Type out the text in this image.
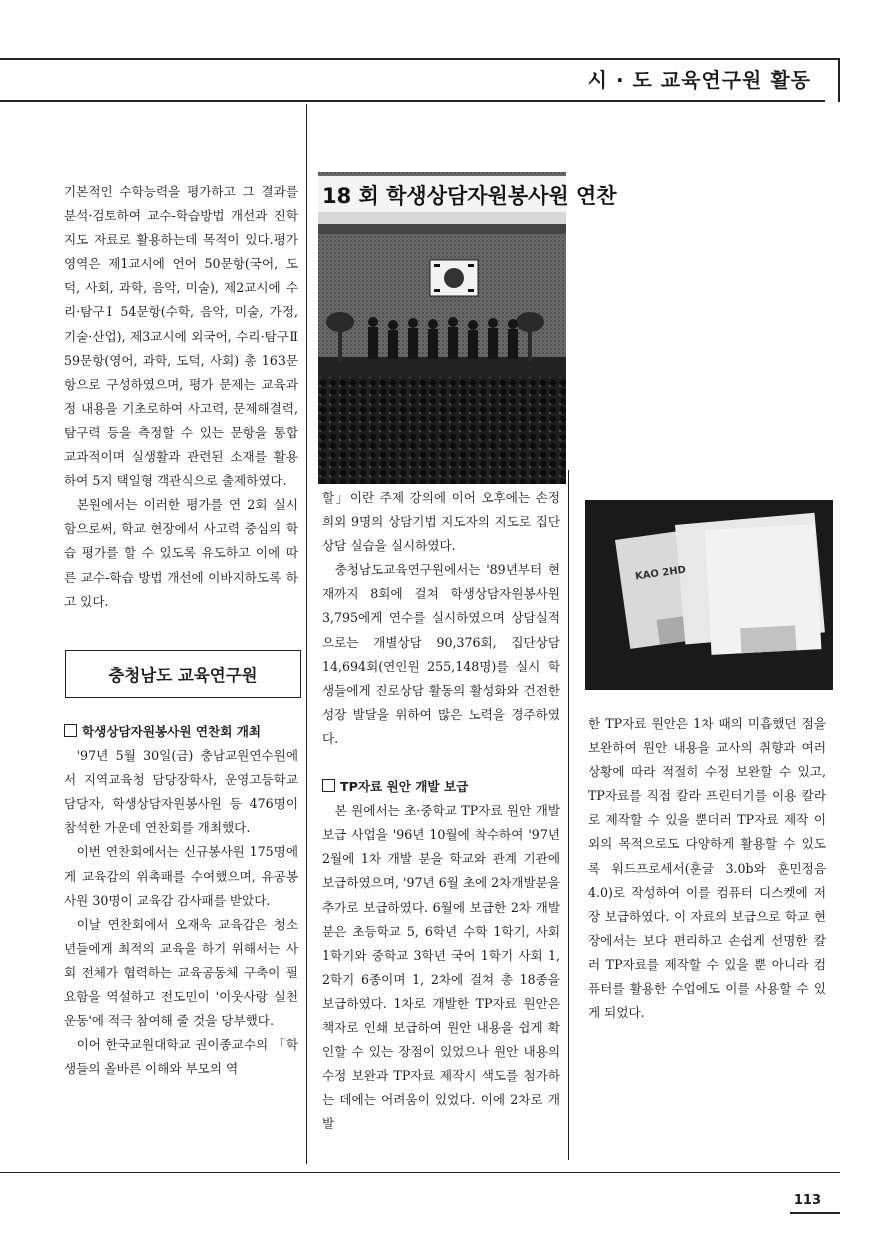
시 · 도 교육연구원 활동

기본적인 수학능력을 평가하고 그 결과를 분석·검토하여 교수-학습방법 개선과 진학 지도 자료로 활용하는데 목적이 있다.평가 영역은 제1교시에 언어 50문항(국어, 도덕, 사회, 과학, 음악, 미술), 제2교시에 수리·탐구Ⅰ 54문항(수학, 음악, 미술, 가정, 기술·산업), 제3교시에 외국어, 수리·탐구Ⅱ 59문항(영어, 과학, 도덕, 사회) 총 163문항으로 구성하였으며, 평가 문제는 교육과정 내용을 기초로하여 사고력, 문제해결력, 탐구력 등을 측정할 수 있는 문항을 통합 교과적이며 실생활과 관련된 소재를 활용하여 5지 택일형 객관식으로 출제하였다.

본원에서는 이러한 평가를 연 2회 실시함으로써, 학교 현장에서 사고력 중심의 학습 평가를 할 수 있도록 유도하고 이에 따른 교수-학습 방법 개선에 이바지하도록 하고 있다.

충청남도 교육연구원
학생상담자원봉사원 연찬회 개최

'97년 5월 30일(금) 충남교원연수원에서 지역교육청 담당장학사, 운영고등학교 담당자, 학생상담자원봉사원 등 476명이 참석한 가운데 연찬회를 개최했다.

이번 연찬회에서는 신규봉사원 175명에게 교육감의 위촉패를 수여했으며, 유공봉사원 30명이 교육감 감사패를 받았다.

이날 연찬회에서 오재욱 교육감은 청소년들에게 최적의 교육을 하기 위해서는 사회 전체가 협력하는 교육공동체 구축이 필요함을 역설하고 전도민이 '이웃사랑 실천운동'에 적극 참여해 줄 것을 당부했다.

이어 한국교원대학교 권이종교수의 「학생들의 올바른 이해와 부모의 역

18 회 학생상담자원봉사원 연찬

할」이란 주제 강의에 이어 오후에는 손정희외 9명의 상담기법 지도자의 지도로 집단상담 실습을 실시하였다.

충청남도교육연구원에서는 '89년부터 현재까지 8회에 걸쳐 학생상담자원봉사원 3,795에게 연수를 실시하였으며 상담실적으로는 개별상담 90,376회, 집단상담 14,694회(연인원 255,148명)를 실시 학생들에게 진로상담 활동의 활성화와 건전한 성장 발달을 위하여 많은 노력을 경주하였다.

TP자료 원안 개발 보급

본 원에서는 초·중학교 TP자료 원안 개발 보급 사업을 '96년 10월에 착수하여 '97년 2월에 1차 개발 분을 학교와 관계 기관에 보급하였으며, '97년 6월 초에 2차개발분을 추가로 보급하였다. 6월에 보급한 2차 개발분은 초등학교 5, 6학년 수학 1학기, 사회 1학기와 중학교 3학년 국어 1학기 사회 1, 2학기 6종이며 1, 2차에 걸쳐 총 18종을 보급하였다. 1차로 개발한 TP자료 원안은 책자로 인쇄 보급하여 원안 내용을 쉽게 확인할 수 있는 장점이 있었으나 원안 내용의 수정 보완과 TP자료 제작시 색도를 첨가하는 데에는 어려움이 있었다. 이에 2차로 개발

KAO 2HD

한 TP자료 원안은 1차 때의 미흡했던 점을 보완하여 원안 내용을 교사의 취향과 여러 상황에 따라 적절히 수정 보완할 수 있고, TP자료를 직접 칼라 프린터기를 이용 칼라로 제작할 수 있을 뿐더러 TP자료 제작 이외의 목적으로도 다양하게 활용할 수 있도록 워드프로세서(훈글 3.0b와 훈민정음 4.0)로 작성하여 이를 컴퓨터 디스켓에 저장 보급하였다. 이 자료의 보급으로 학교 현장에서는 보다 편리하고 손쉽게 선명한 칼러 TP자료를 제작할 수 있을 뿐 아니라 컴퓨터를 활용한 수업에도 이를 사용할 수 있게 되었다.

113
